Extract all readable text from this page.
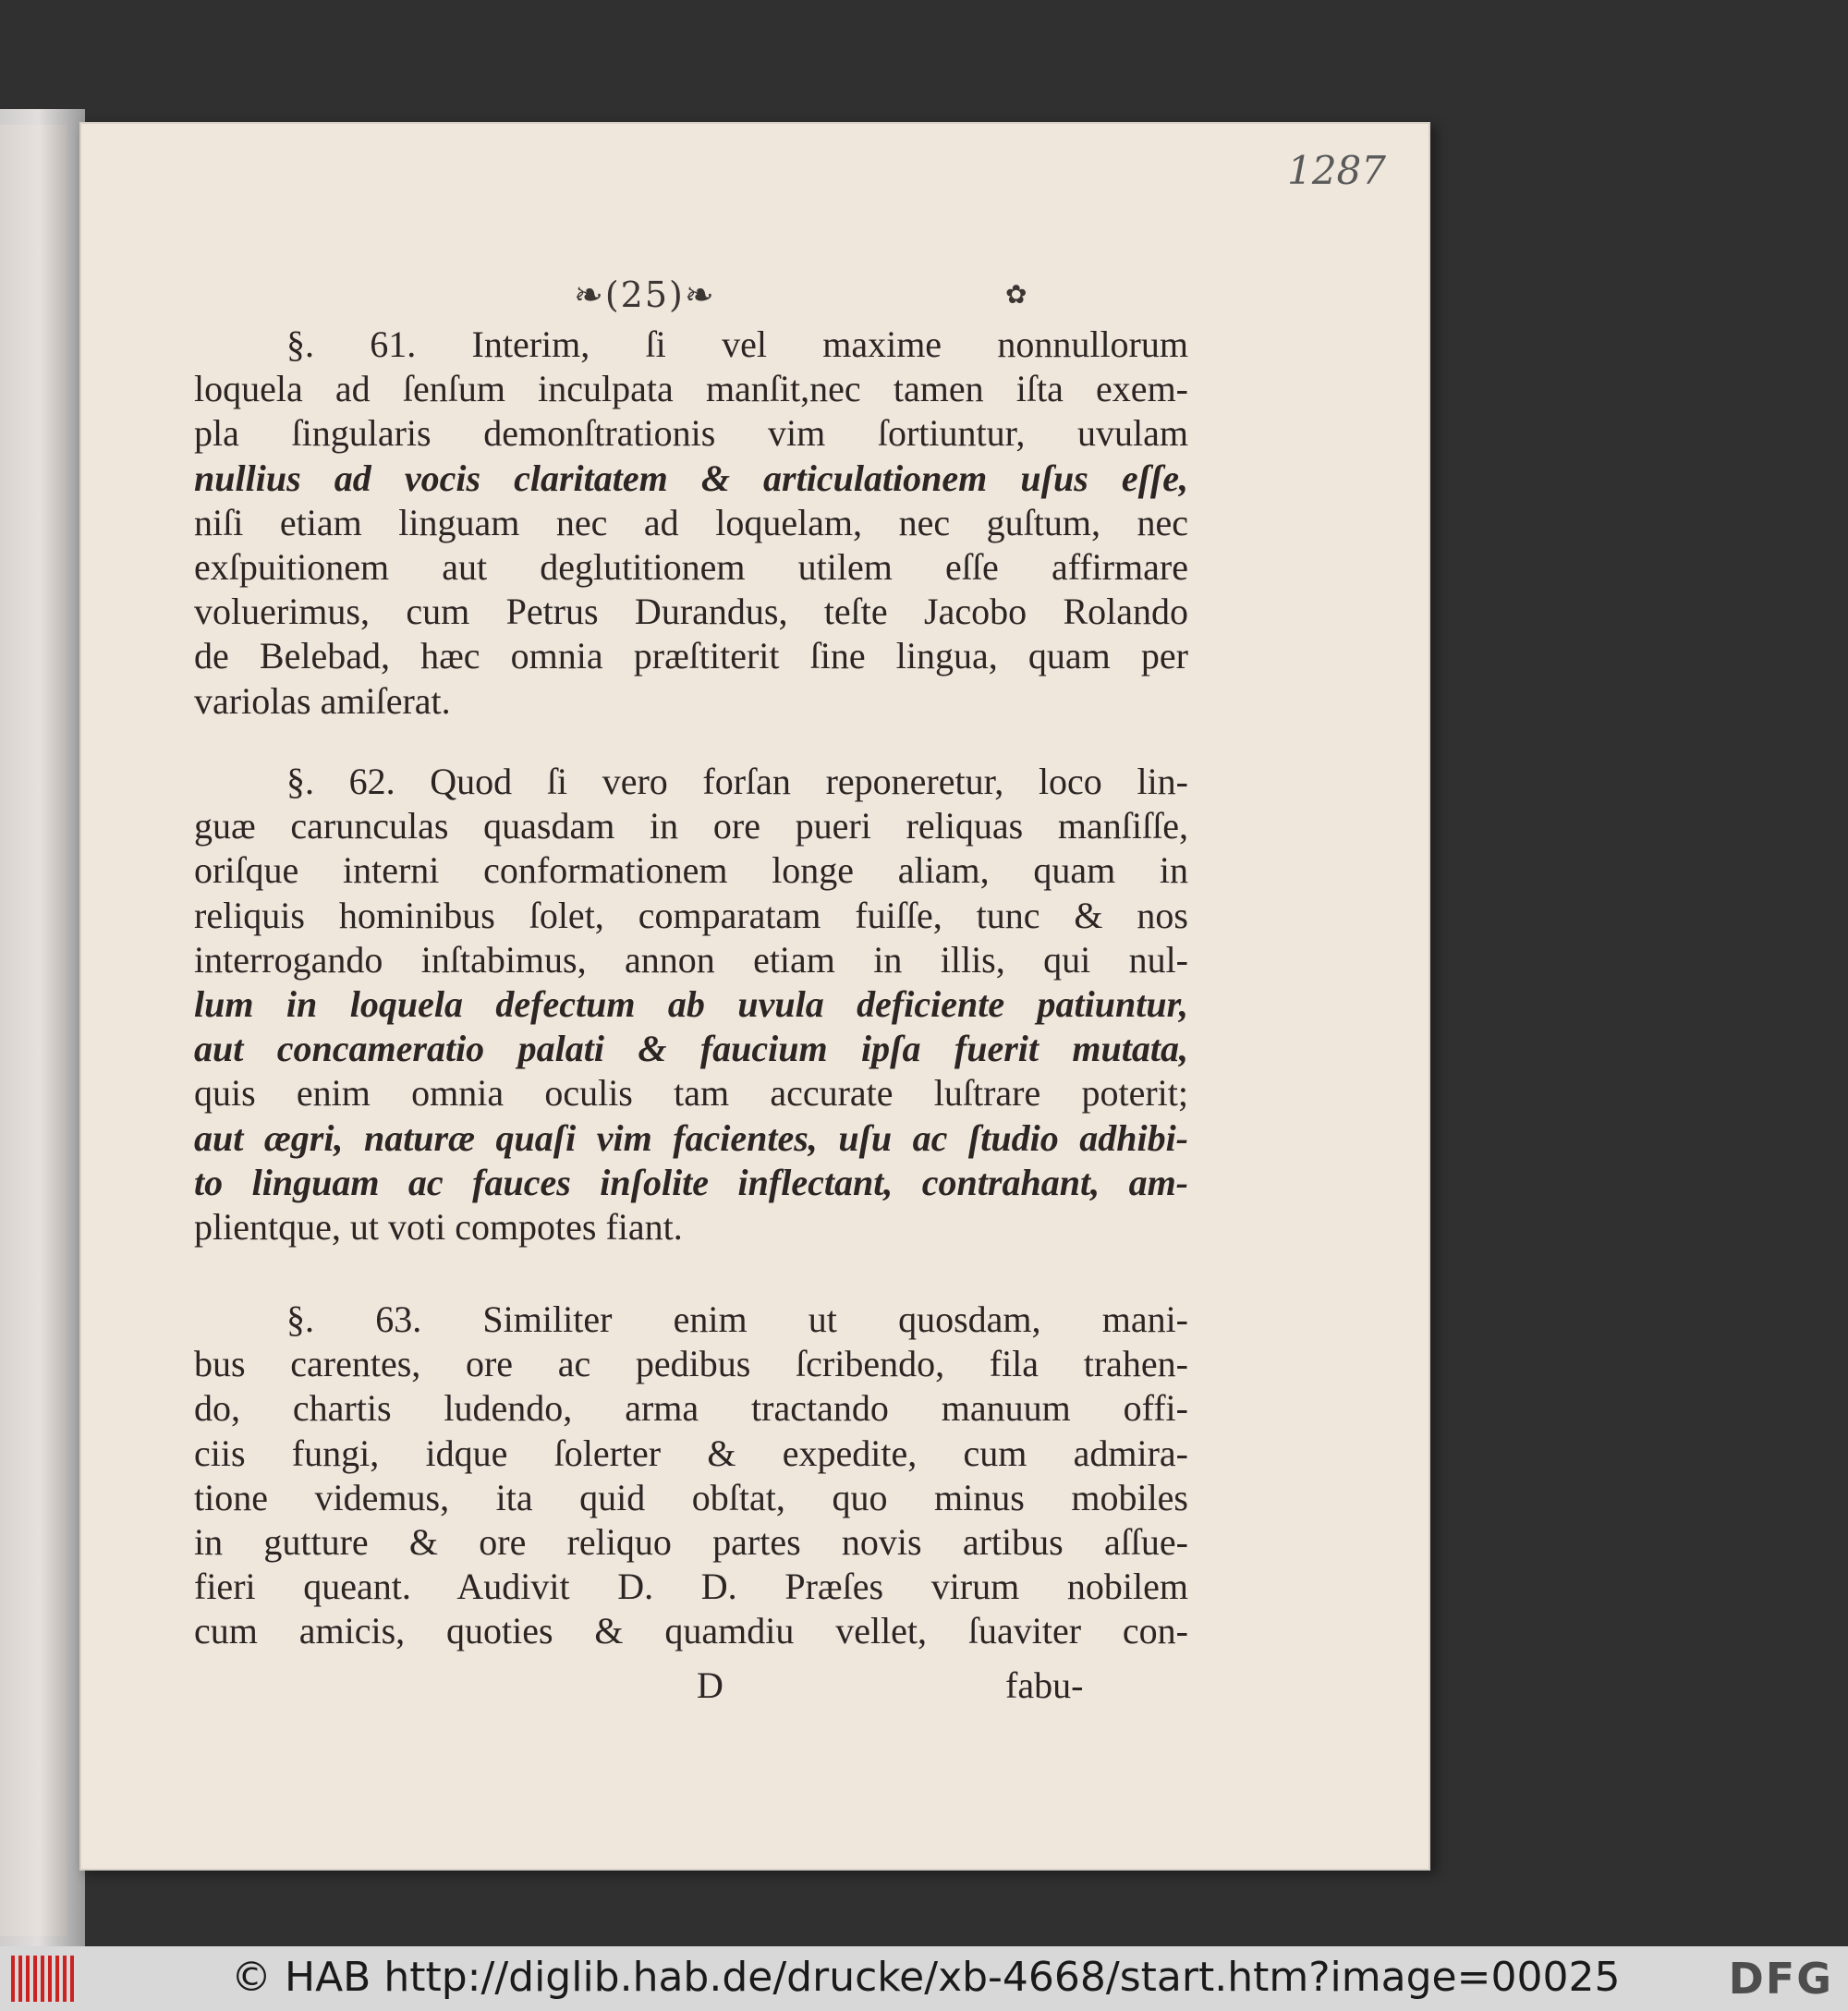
1287
❧(25)❧	✿
§. 61. Interim, ſi vel maxime nonnullorum
loquela ad ſenſum inculpata manſit,nec tamen iſta exem-
pla ſingularis demonſtrationis vim ſortiuntur, uvulam
nullius ad vocis claritatem & articulationem uſus eſſe,
niſi etiam linguam nec ad loquelam, nec guſtum, nec
exſpuitionem aut deglutitionem utilem eſſe affirmare
voluerimus, cum Petrus Durandus, teſte Jacobo Rolando
de Belebad, hæc omnia præſtiterit ſine lingua, quam per
variolas amiſerat.
§. 62. Quod ſi vero forſan reponeretur, loco lin-
guæ carunculas quasdam in ore pueri reliquas manſiſſe,
oriſque interni conformationem longe aliam, quam in
reliquis hominibus ſolet, comparatam fuiſſe, tunc & nos
interrogando inſtabimus, annon etiam in illis, qui nul-
lum in loquela defectum ab uvula deficiente patiuntur,
aut concameratio palati & faucium ipſa fuerit mutata,
quis enim omnia oculis tam accurate luſtrare poterit;
aut ægri, naturæ quaſi vim facientes, uſu ac ſtudio adhibi-
to linguam ac fauces inſolite inflectant, contrahant, am-
plientque, ut voti compotes fiant.
§. 63. Similiter enim ut quosdam, mani-
bus carentes, ore ac pedibus ſcribendo, fila trahen-
do, chartis ludendo, arma tractando manuum offi-
ciis fungi, idque ſolerter & expedite, cum admira-
tione videmus, ita quid obſtat, quo minus mobiles
in gutture & ore reliquo partes novis artibus aſſue-
fieri queant. Audivit D. D. Præſes virum nobilem
cum amicis, quoties & quamdiu vellet, ſuaviter con-
D	fabu-
© HAB http://diglib.hab.de/drucke/xb-4668/start.htm?image=00025	DFG
